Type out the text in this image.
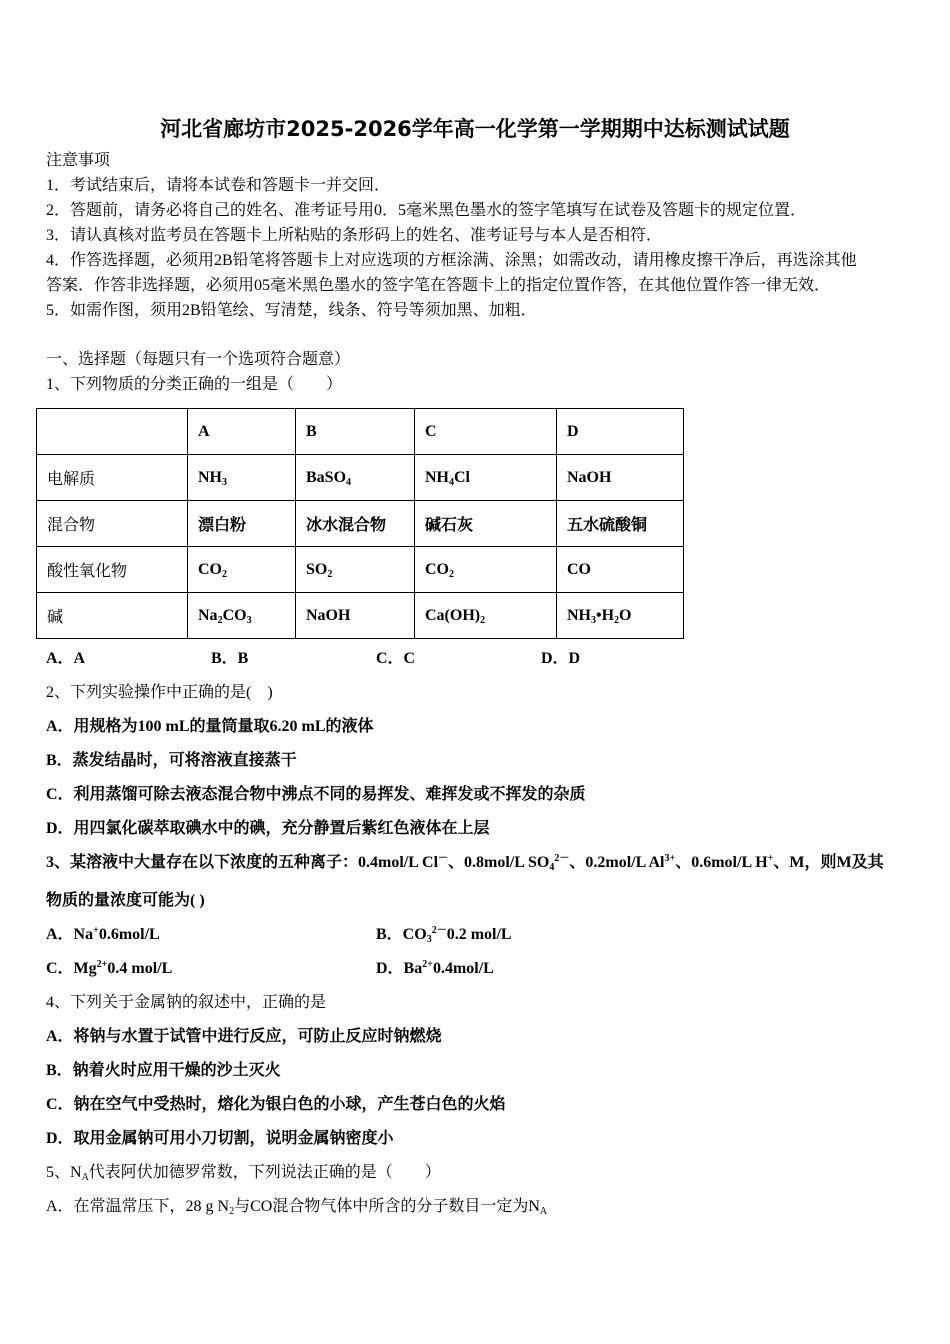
河北省廊坊市2025-2026学年高一化学第一学期期中达标测试试题
注意事项
1．考试结束后，请将本试卷和答题卡一并交回．
2．答题前，请务必将自己的姓名、准考证号用0．5毫米黑色墨水的签字笔填写在试卷及答题卡的规定位置．
3．请认真核对监考员在答题卡上所粘贴的条形码上的姓名、准考证号与本人是否相符．
4．作答选择题，必须用2B铅笔将答题卡上对应选项的方框涂满、涂黑；如需改动，请用橡皮擦干净后，再选涂其他
答案．作答非选择题，必须用05毫米黑色墨水的签字笔在答题卡上的指定位置作答，在其他位置作答一律无效．
5．如需作图，须用2B铅笔绘、写清楚，线条、符号等须加黑、加粗．
一、选择题（每题只有一个选项符合题意）
1、下列物质的分类正确的一组是（　　）
	A	B	C	D
电解质	$NH_3$	BaSO$_4$	$NH_4Cl$	NaOH
混合物	漂白粉	冰水混合物	碱石灰	五水硫酸铜
酸性氧化物	$CO_2$	$SO_2$	$CO_2$	CO
碱	$Na_2CO_3$	NaOH	$Ca(OH)_2$	$NH_3•H_2O$
A．A	B．B	C．C	D．D
2、下列实验操作中正确的是(　)
A．用规格为100 mL的量筒量取6.20 mL的液体
B．蒸发结晶时，可将溶液直接蒸干
C．利用蒸馏可除去液态混合物中沸点不同的易挥发、难挥发或不挥发的杂质
D．用四氯化碳萃取碘水中的碘，充分静置后紫红色液体在上层
3、某溶液中大量存在以下浓度的五种离子：0.4mol/L Cl－、0.8mol/L $SO_4^{2-}$、0.2mol/L $Al^{3+}$、0.6mol/L H+、M，则M及其
物质的量浓度可能为( )
A．Na+0.6mol/L	B．$CO_3^{2-}0.2$ mol/L
C．$Mg^{2+}0.4$ mol/L	D．$Ba^{2+}0.4mol/L$
4、下列关于金属钠的叙述中，正确的是
A．将钠与水置于试管中进行反应，可防止反应时钠燃烧
B．钠着火时应用干燥的沙土灭火
C．钠在空气中受热时，熔化为银白色的小球，产生苍白色的火焰
D．取用金属钠可用小刀切割，说明金属钠密度小
5、$N_A$代表阿伏加德罗常数，下列说法正确的是（　　）
A．在常温常压下，28 g $N_2$与CO混合物气体中所含的分子数目一定为$N_A$
